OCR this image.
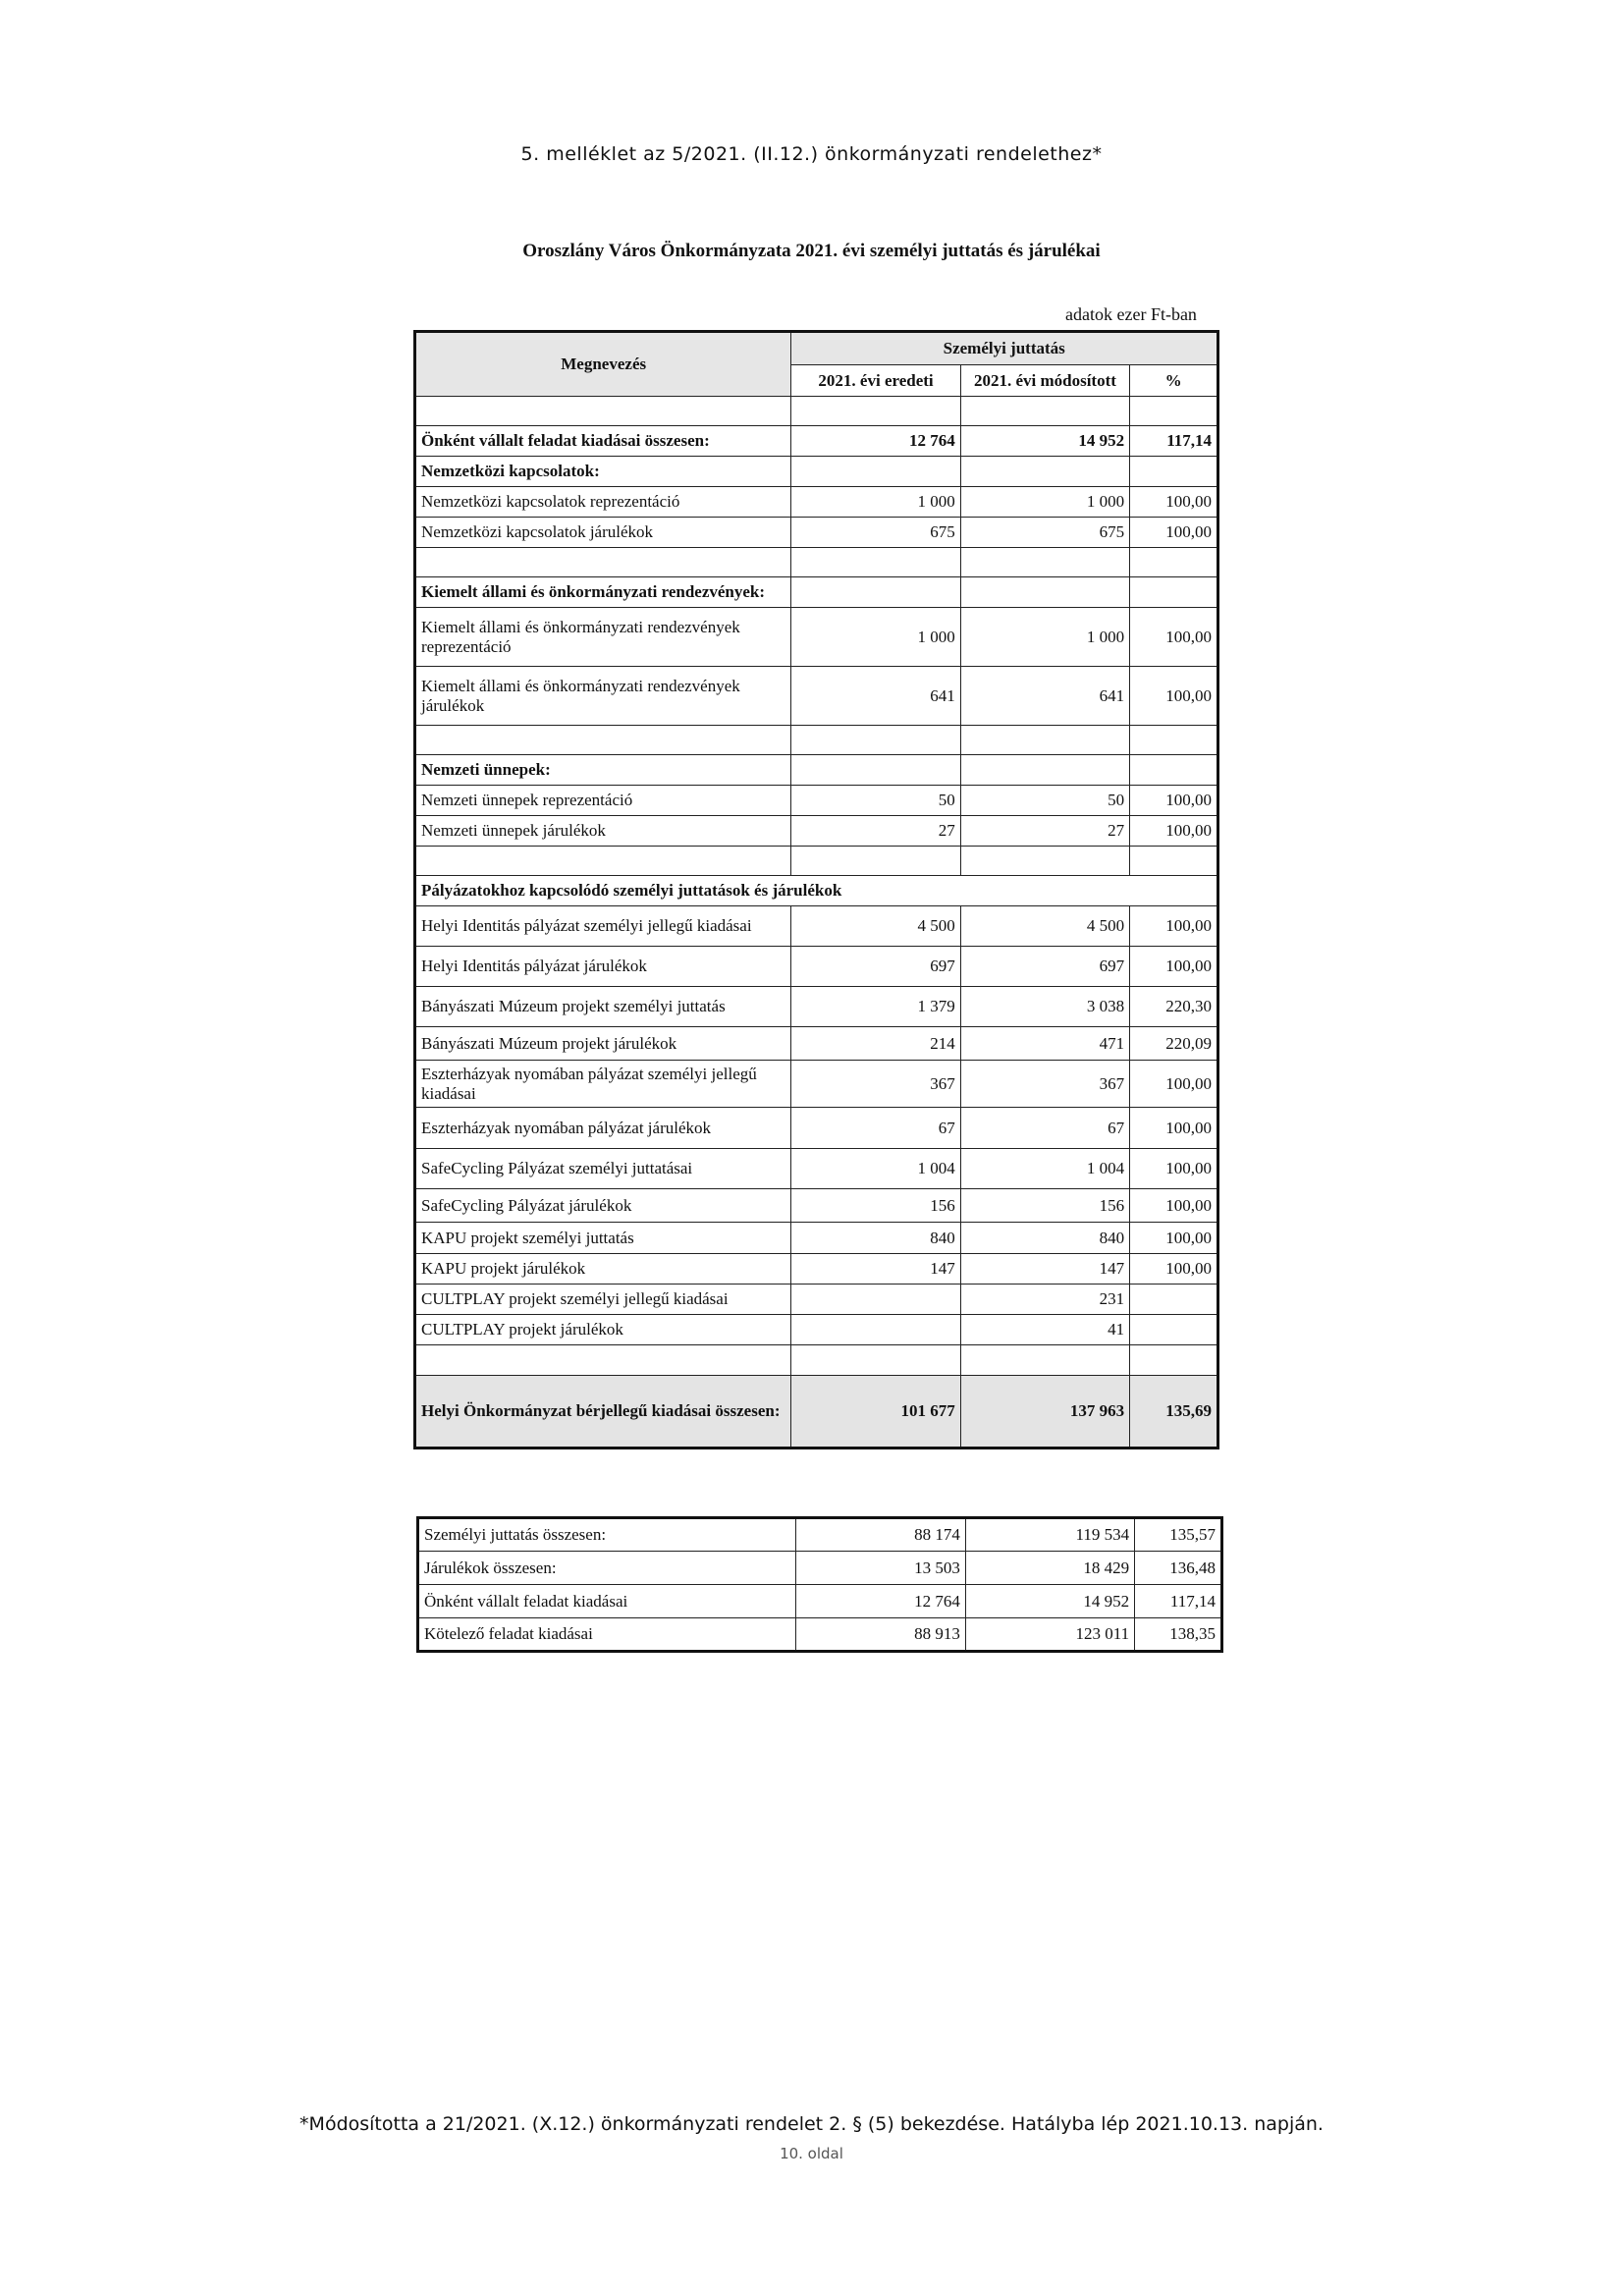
5. melléklet az 5/2021. (II.12.) önkormányzati rendelethez*
Oroszlány Város Önkormányzata 2021. évi személyi juttatás és járulékai
adatok ezer Ft-ban
Megnevezés	Személyi juttatás		
	2021. évi eredeti	2021. évi módosított	%

Önként vállalt feladat kiadásai összesen:	12 764	14 952	117,14
Nemzetközi kapcsolatok:			
Nemzetközi kapcsolatok reprezentáció	1 000	1 000	100,00
Nemzetközi kapcsolatok járulékok	675	675	100,00

Kiemelt állami és önkormányzati rendezvények:			
Kiemelt állami és önkormányzati rendezvények reprezentáció	1 000	1 000	100,00
Kiemelt állami és önkormányzati rendezvények járulékok	641	641	100,00

Nemzeti ünnepek:			
Nemzeti ünnepek reprezentáció	50	50	100,00
Nemzeti ünnepek járulékok	27	27	100,00

Pályázatokhoz kapcsolódó személyi juttatások és járulékok			
Helyi Identitás pályázat személyi jellegű kiadásai	4 500	4 500	100,00
Helyi Identitás pályázat járulékok	697	697	100,00
Bányászati Múzeum projekt személyi juttatás	1 379	3 038	220,30
Bányászati Múzeum projekt járulékok	214	471	220,09
Eszterházyak nyomában pályázat személyi jellegű kiadásai	367	367	100,00
Eszterházyak nyomában pályázat járulékok	67	67	100,00
SafeCycling Pályázat személyi juttatásai	1 004	1 004	100,00
SafeCycling Pályázat járulékok	156	156	100,00
KAPU projekt személyi juttatás	840	840	100,00
KAPU projekt járulékok	147	147	100,00
CULTPLAY projekt személyi jellegű kiadásai		231	
CULTPLAY projekt járulékok		41	

Helyi Önkormányzat bérjellegű kiadásai összesen:	101 677	137 963	135,69
Személyi juttatás összesen:	88 174	119 534	135,57
Járulékok összesen:	13 503	18 429	136,48
Önként vállalt feladat kiadásai	12 764	14 952	117,14
Kötelező feladat kiadásai	88 913	123 011	138,35
*Módosította a 21/2021. (X.12.) önkormányzati rendelet 2. § (5) bekezdése. Hatályba lép 2021.10.13. napján.
10. oldal
